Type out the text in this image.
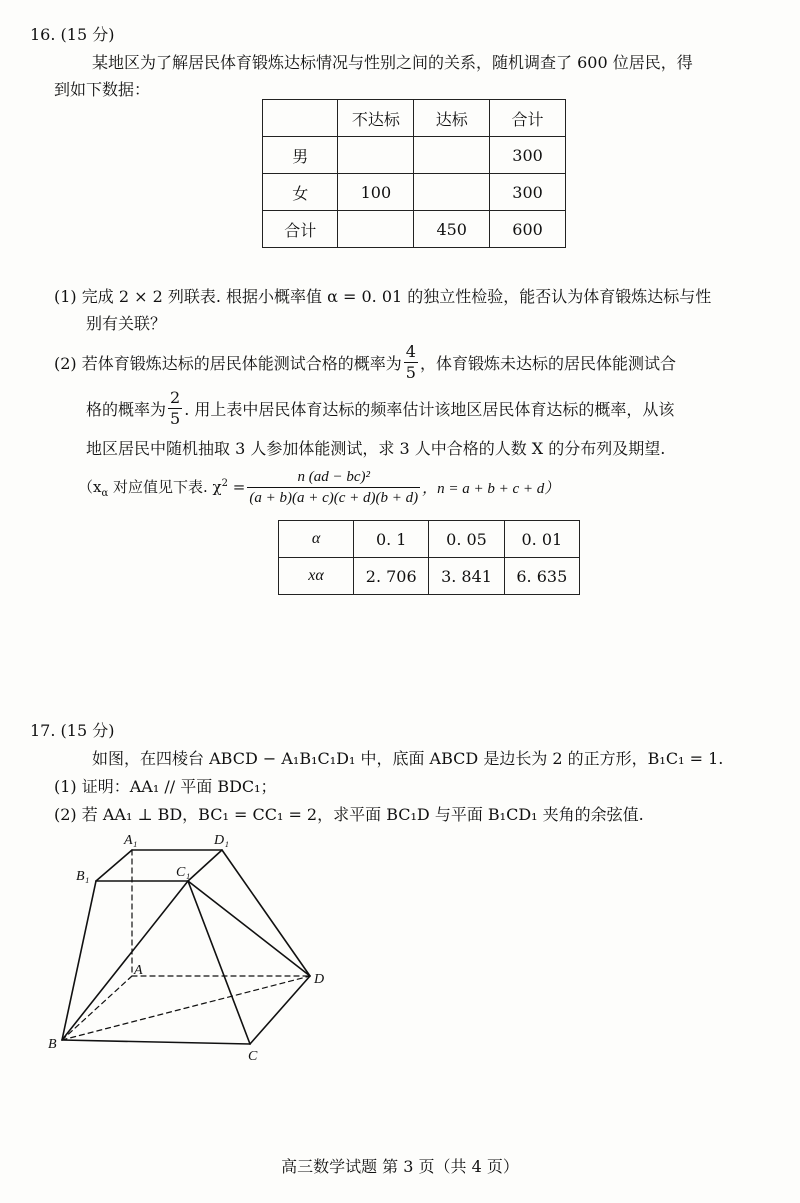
16. (15 分)
某地区为了解居民体育锻炼达标情况与性别之间的关系，随机调查了 600 位居民，得
到如下数据：
	不达标	达标	合计
男			300
女	100		300
合计		450	600
(1) 完成 2 × 2 列联表. 根据小概率值 α = 0. 01 的独立性检验，能否认为体育锻炼达标与性
别有关联？
(2) 若体育锻炼达标的居民体能测试合格的概率为 $\frac{4}{5}$ ，体育锻炼未达标的居民体能测试合
格的概率为 $\frac{2}{5}$ . 用上表中居民体育达标的频率估计该地区居民体育达标的概率，从该
地区居民中随机抽取 3 人参加体能测试，求 3 人中合格的人数 X 的分布列及期望.
（$x_\alpha$ 对应值见下表. $\chi^2 = \frac{\text{n (ad − bc)²}}{(a + b)(a + c)(c + d)(b + d)}$ ，n = a + b + c + d）
α	0. 1	0. 05	0. 01
xα	2. 706	3. 841	6. 635
17. (15 分)
如图，在四棱台 ABCD − A₁B₁C₁D₁ 中，底面 ABCD 是边长为 2 的正方形，B₁C₁ = 1.
(1) 证明：AA₁ // 平面 BDC₁；
(2) 若 AA₁ ⊥ BD，BC₁ = CC₁ = 2，求平面 BC₁D 与平面 B₁CD₁ 夹角的余弦值.
A₁	D₁
B₁	C₁
A
D
B
C
高三数学试题 第 3 页（共 4 页）
